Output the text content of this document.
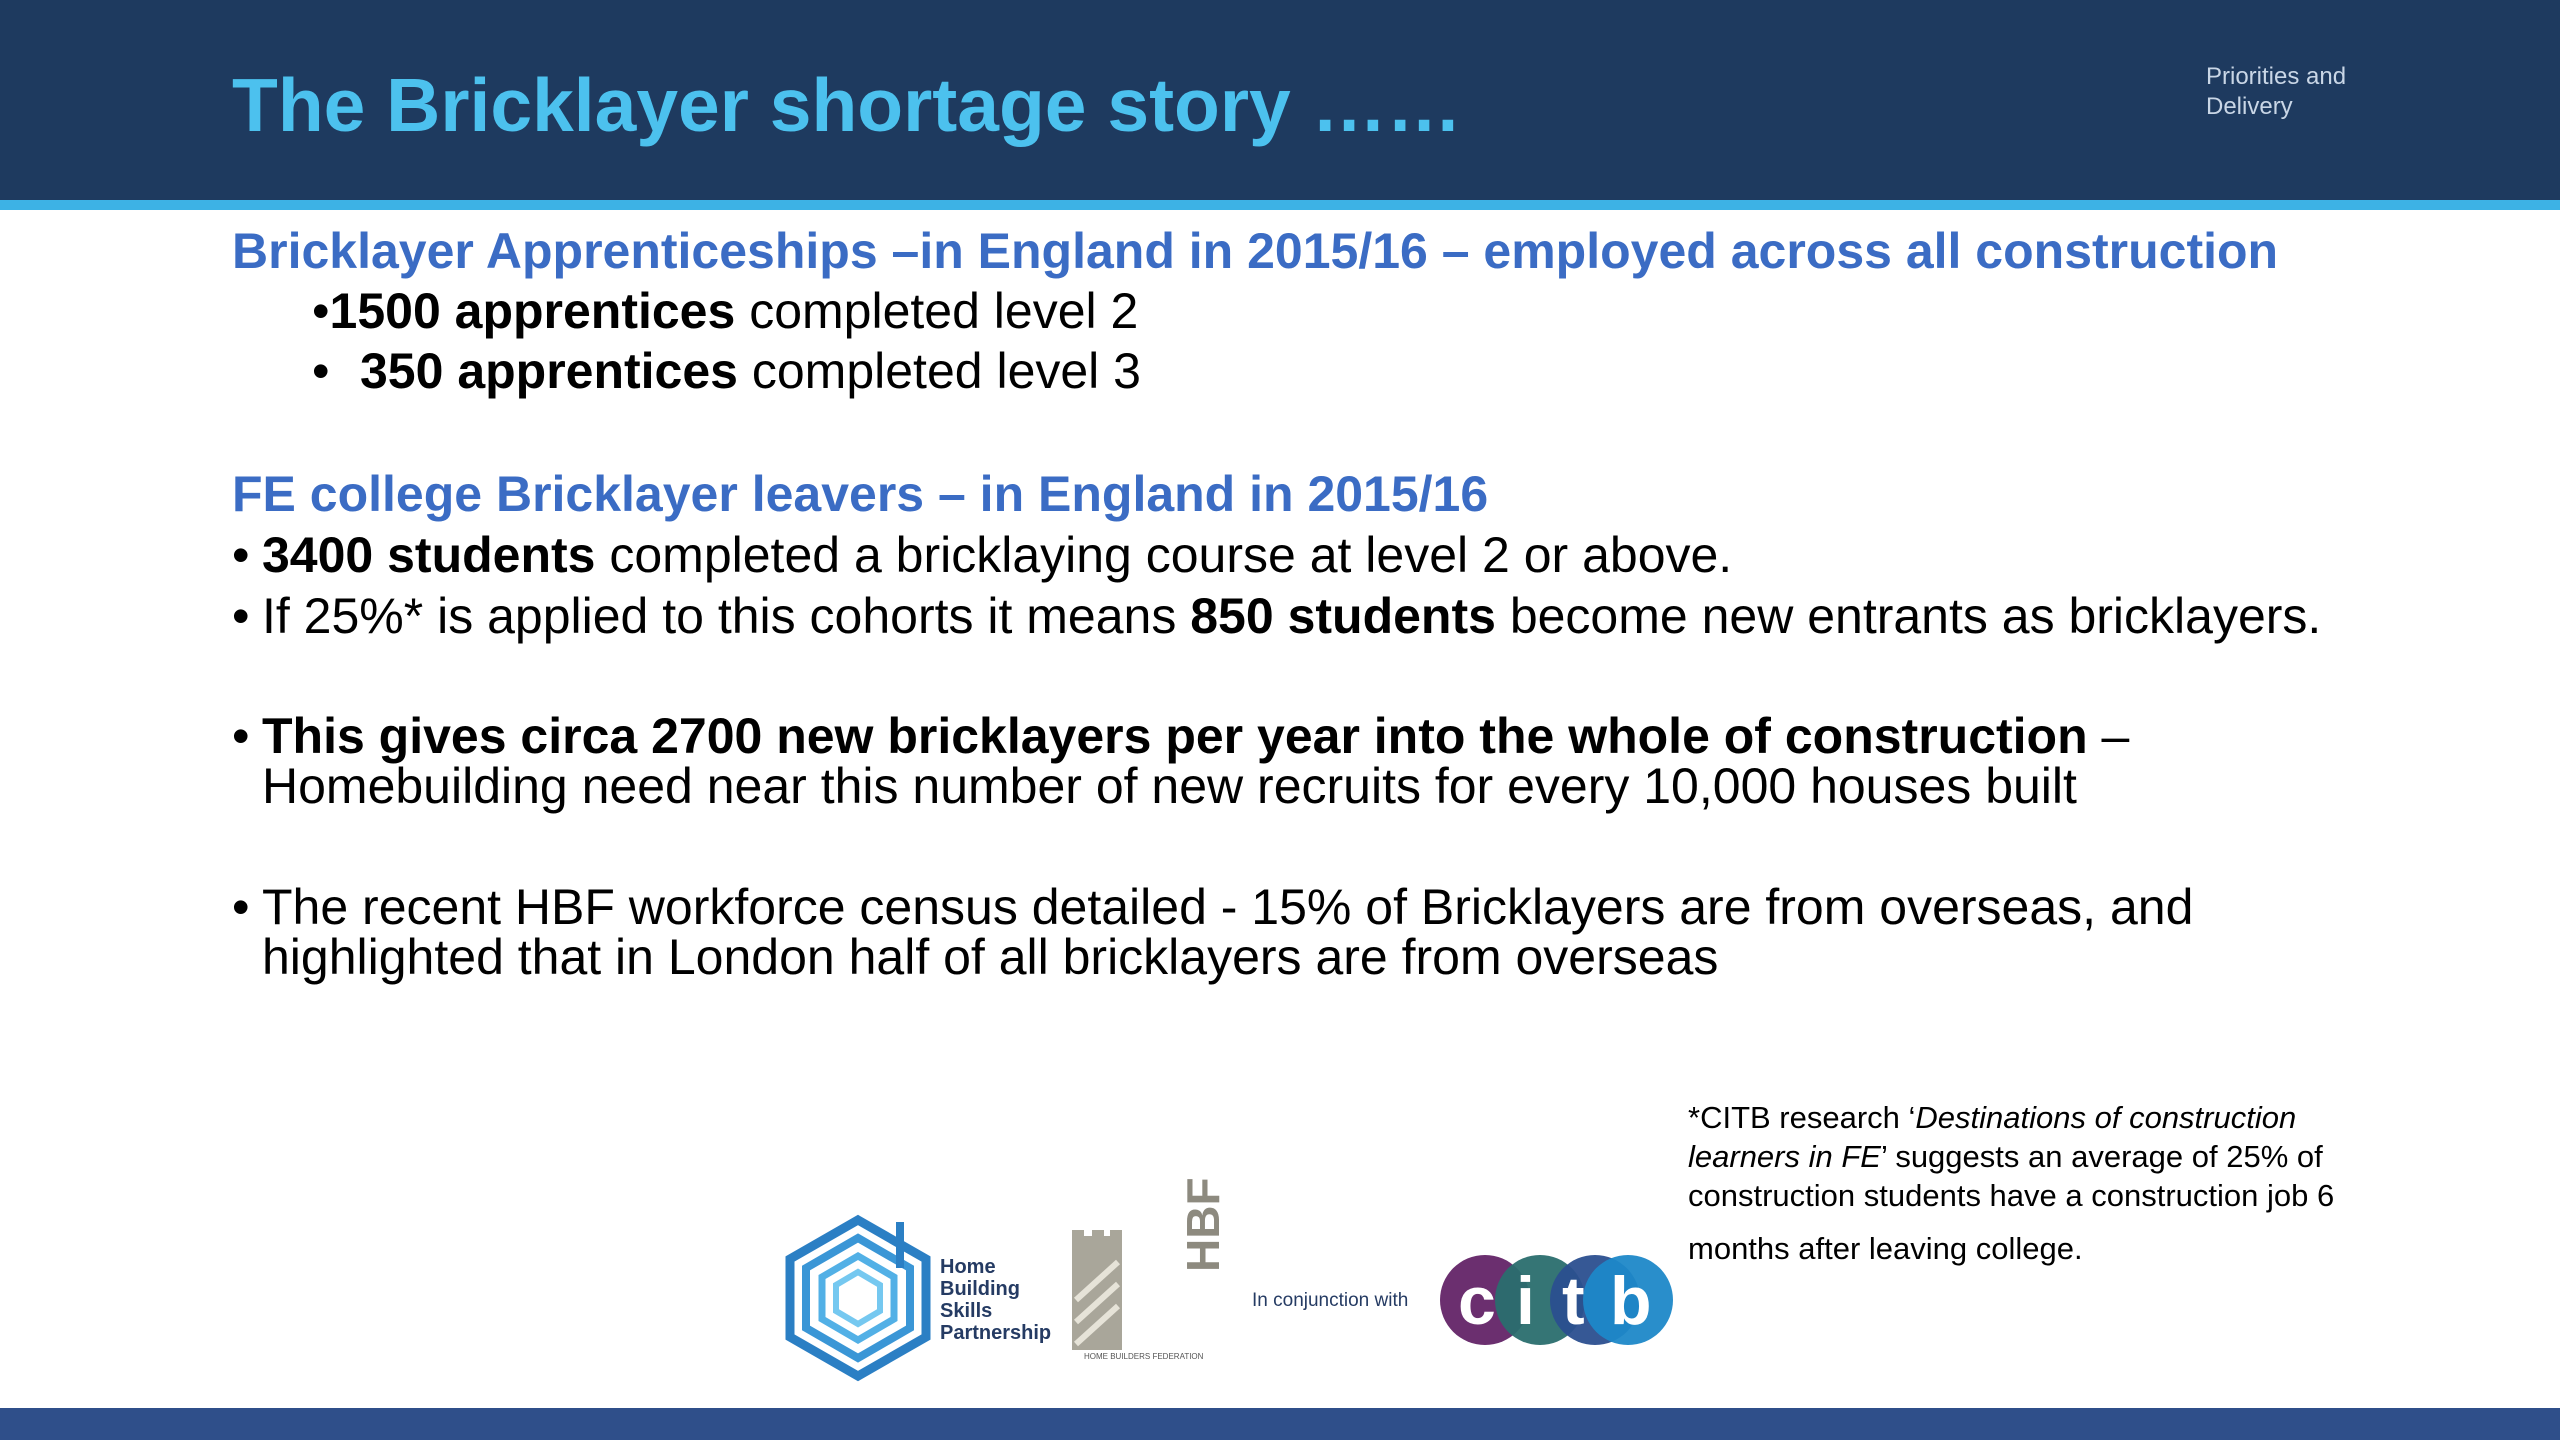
The Bricklayer shortage story ……	Priorities and
Delivery
Bricklayer Apprenticeships –in England in 2015/16 – employed across all construction

•1500 apprentices completed level 2

• 350 apprentices completed level 3

FE college Bricklayer leavers – in England in 2015/16

• 3400 students completed a bricklaying course at level 2 or above.

• If 25%* is applied to this cohorts it means 850 students become new entrants as bricklayers.

• This gives circa 2700 new bricklayers per year into the whole of construction –
Homebuilding need near this number of new recruits for every 10,000 houses built
• The recent HBF workforce census detailed - 15% of Bricklayers are from overseas, and
highlighted that in London half of all bricklayers are from overseas
*CITB research ‘Destinations of construction learners in FE’ suggests an average of 25% of construction students have a construction job 6
months after leaving college.
Home
Building
Skills
Partnership
HBF
HOME BUILDERS FEDERATION
In conjunction with c i t b
